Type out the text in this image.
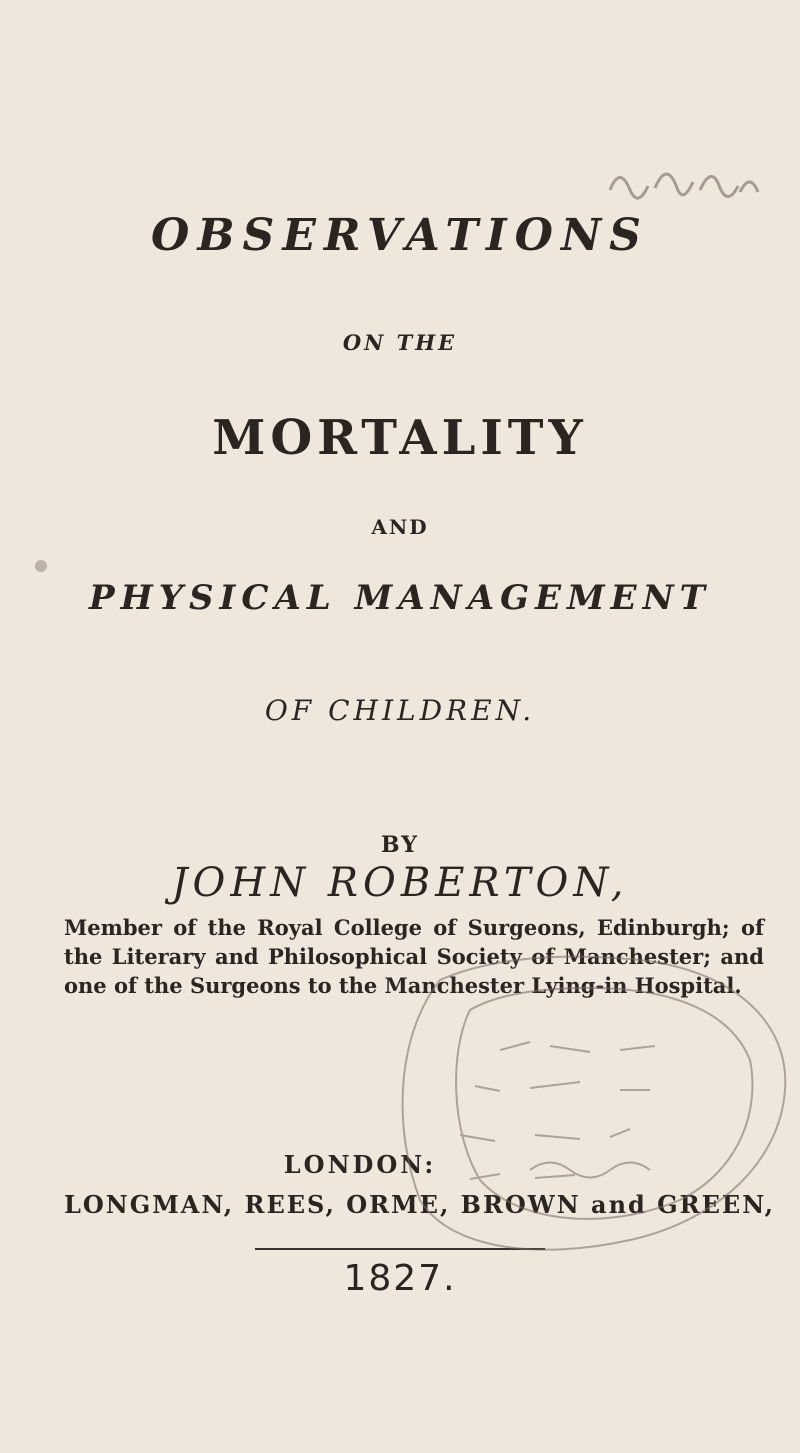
OBSERVATIONS
ON THE
MORTALITY
AND
PHYSICAL MANAGEMENT
OF CHILDREN.
BY
JOHN ROBERTON,
Member of the Royal College of Surgeons, Edinburgh; of the Literary and Philosophical Society of Manchester; and one of the Surgeons to the Manchester Lying-in Hospital.
LONDON:
LONGMAN, REES, ORME, BROWN and GREEN,
1827.
